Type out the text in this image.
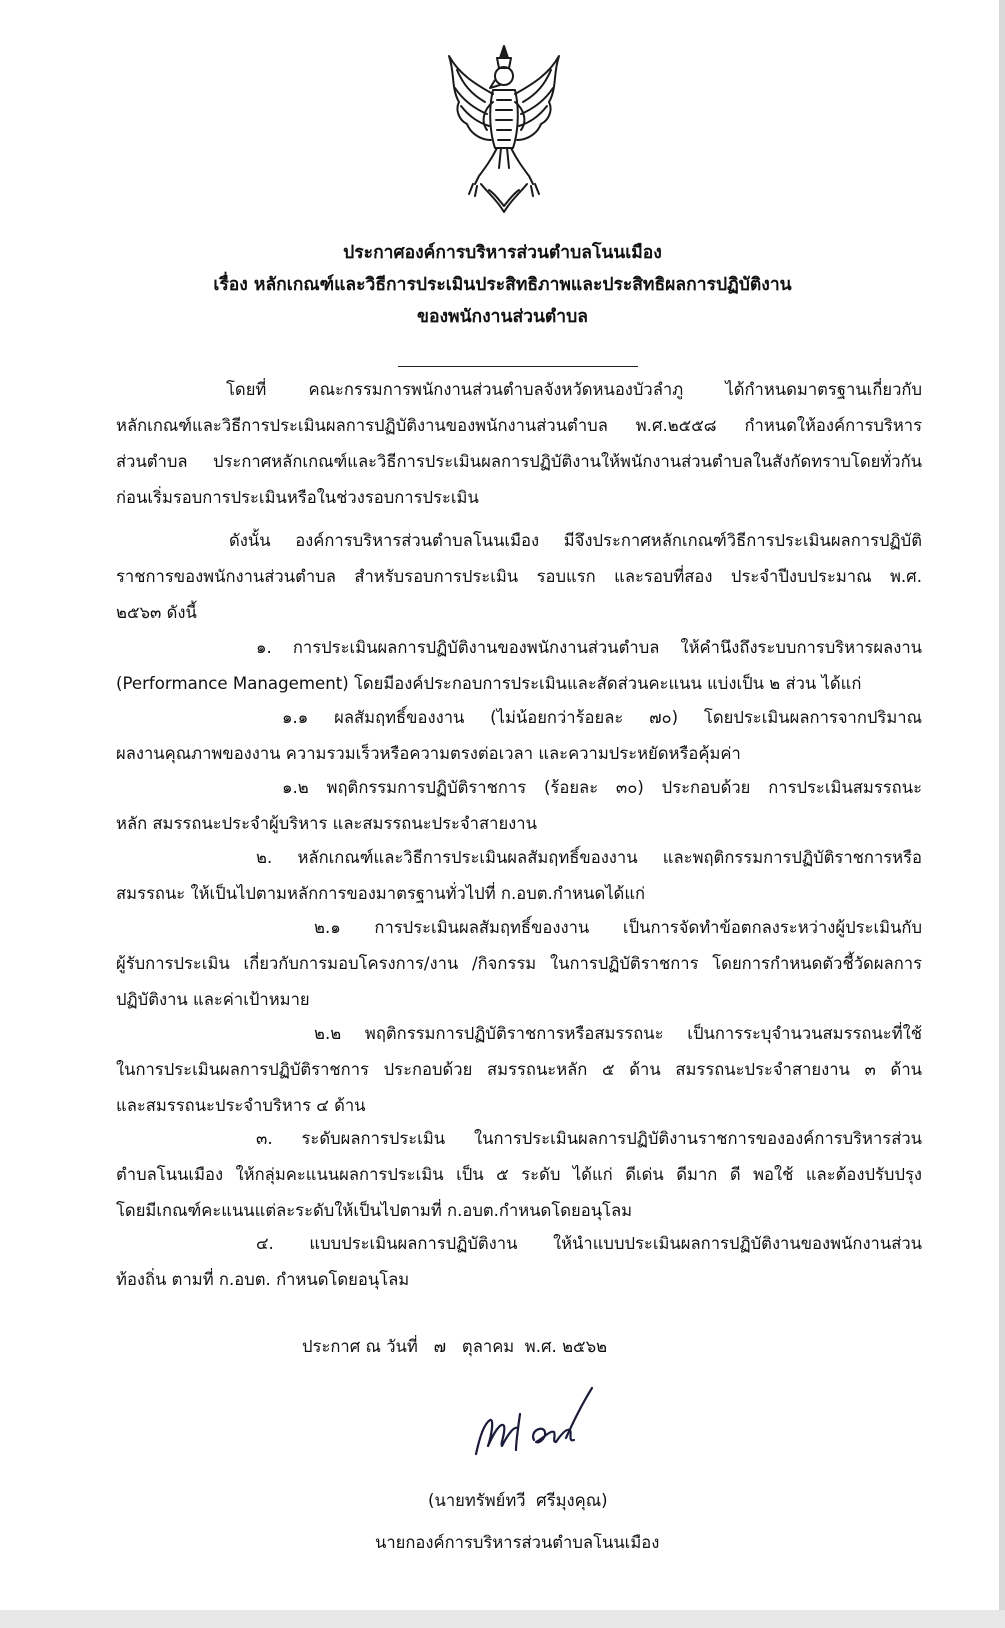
ประกาศองค์การบริหารส่วนตำบลโนนเมือง
เรื่อง หลักเกณฑ์และวิธีการประเมินประสิทธิภาพและประสิทธิผลการปฏิบัติงาน
ของพนักงานส่วนตำบล
โดยที่ คณะกรรมการพนักงานส่วนตำบลจังหวัดหนองบัวลำภู ได้กำหนดมาตรฐานเกี่ยวกับ
หลักเกณฑ์และวิธีการประเมินผลการปฏิบัติงานของพนักงานส่วนตำบล พ.ศ.๒๕๕๘ กำหนดให้องค์การบริหาร
ส่วนตำบล ประกาศหลักเกณฑ์และวิธีการประเมินผลการปฏิบัติงานให้พนักงานส่วนตำบลในสังกัดทราบโดยทั่วกัน
ก่อนเริ่มรอบการประเมินหรือในช่วงรอบการประเมิน
ดังนั้น องค์การบริหารส่วนตำบลโนนเมือง มีจึงประกาศหลักเกณฑ์วิธีการประเมินผลการปฏิบัติ
ราชการของพนักงานส่วนตำบล สำหรับรอบการประเมิน รอบแรก และรอบที่สอง ประจำปีงบประมาณ พ.ศ.
๒๕๖๓ ดังนี้
๑. การประเมินผลการปฏิบัติงานของพนักงานส่วนตำบล ให้คำนึงถึงระบบการบริหารผลงาน
(Performance Management) โดยมีองค์ประกอบการประเมินและสัดส่วนคะแนน แบ่งเป็น ๒ ส่วน ได้แก่
๑.๑ ผลสัมฤทธิ์ของงาน (ไม่น้อยกว่าร้อยละ ๗๐) โดยประเมินผลการจากปริมาณ
ผลงานคุณภาพของงาน ความรวมเร็วหรือความตรงต่อเวลา และความประหยัดหรือคุ้มค่า
๑.๒ พฤติกรรมการปฏิบัติราชการ (ร้อยละ ๓๐) ประกอบด้วย การประเมินสมรรถนะ
หลัก สมรรถนะประจำผู้บริหาร และสมรรถนะประจำสายงาน
๒. หลักเกณฑ์และวิธีการประเมินผลสัมฤทธิ์ของงาน และพฤติกรรมการปฏิบัติราชการหรือ
สมรรถนะ ให้เป็นไปตามหลักการของมาตรฐานทั่วไปที่ ก.อบต.กำหนดได้แก่
๒.๑ การประเมินผลสัมฤทธิ์ของงาน เป็นการจัดทำข้อตกลงระหว่างผู้ประเมินกับ
ผู้รับการประเมิน เกี่ยวกับการมอบโครงการ/งาน /กิจกรรม ในการปฏิบัติราชการ โดยการกำหนดตัวชี้วัดผลการ
ปฏิบัติงาน และค่าเป้าหมาย
๒.๒ พฤติกรรมการปฏิบัติราชการหรือสมรรถนะ เป็นการระบุจำนวนสมรรถนะที่ใช้
ในการประเมินผลการปฏิบัติราชการ ประกอบด้วย สมรรถนะหลัก ๕ ด้าน สมรรถนะประจำสายงาน ๓ ด้าน
และสมรรถนะประจำบริหาร ๔ ด้าน
๓. ระดับผลการประเมิน ในการประเมินผลการปฏิบัติงานราชการขององค์การบริหารส่วน
ตำบลโนนเมือง ให้กลุ่มคะแนนผลการประเมิน เป็น ๕ ระดับ ได้แก่ ดีเด่น ดีมาก ดี พอใช้ และต้องปรับปรุง
โดยมีเกณฑ์คะแนนแต่ละระดับให้เป็นไปตามที่ ก.อบต.กำหนดโดยอนุโลม
๔. แบบประเมินผลการปฏิบัติงาน ให้นำแบบประเมินผลการปฏิบัติงานของพนักงานส่วน
ท้องถิ่น ตามที่ ก.อบต. กำหนดโดยอนุโลม
ประกาศ ณ วันที่   ๗   ตุลาคม  พ.ศ. ๒๕๖๒
(นายทรัพย์ทวี  ศรีมุงคุณ)
นายกองค์การบริหารส่วนตำบลโนนเมือง
